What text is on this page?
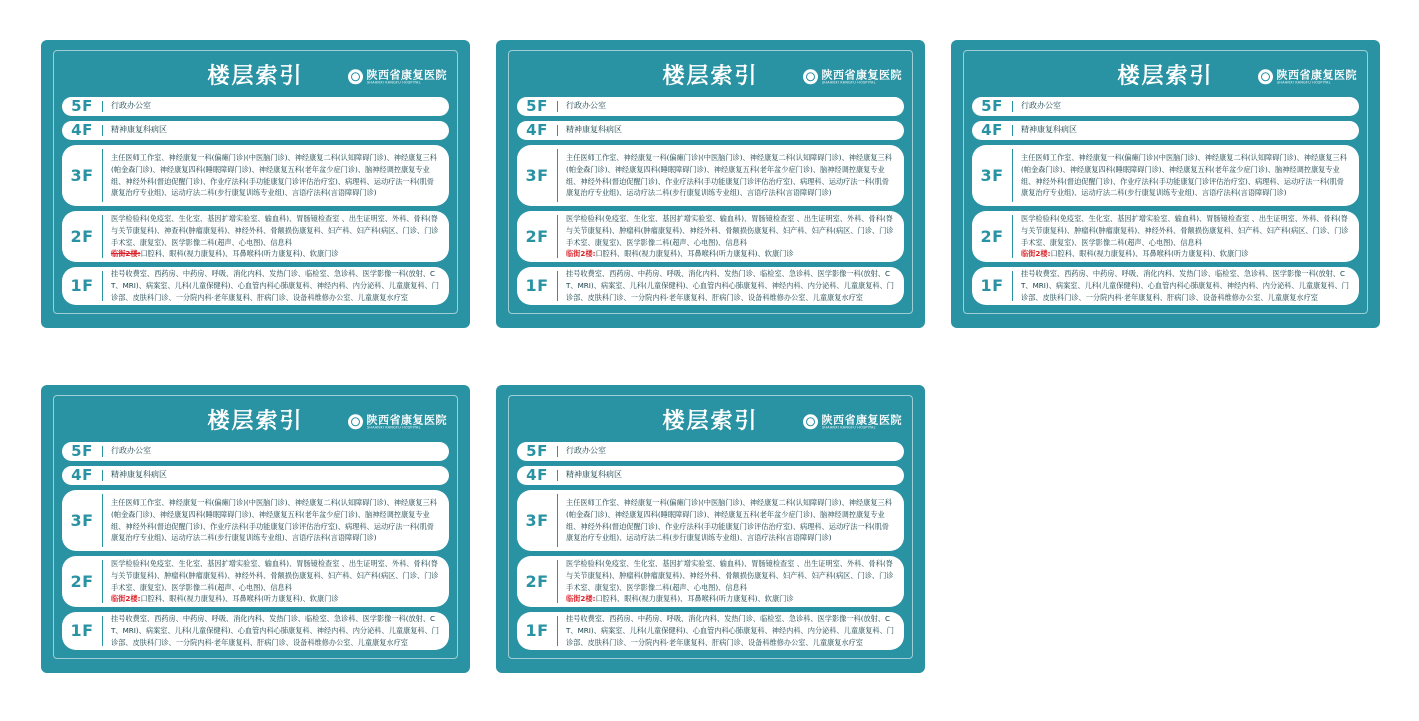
楼层索引	陕西省康复医院
SHAANXI KANGFU HOSPITAL
5F	行政办公室

4F	精神康复科病区

3F

主任医师工作室、神经康复一科(偏瘫门诊)(中医脑门诊)、神经康复二科(认知障碍门诊)、神经康复三科(帕金森门诊)、神经康复四科(睡眠障碍门诊)、神经康复五科(老年盆少症门诊)、脑神经调控康复专业组、神经外科(督迫促醒门诊)、作业疗法科(手功能康复门诊评估治疗室)、病理科、运动疗法一科(肌骨康复治疗专业组)、运动疗法二科(步行康复训练专业组)、言语疗法科(言语障碍门诊)

2F

医学检验科(免疫室、生化室、基因扩增实验室、输血科)、胃肠镜检查室 、出生证明室、外科、骨科(脊与关节康复科)、神查科(肿瘤康复科)、神经外科、骨额损伤康复科、妇产科、妇产科(病区、门诊、门诊手术室、康复室)、医学影像二科(超声、心电图)、信息科

临街2楼:口腔科、眼科(视力康复科)、耳鼻喉科(听力康复科)、软康门诊

1F

挂号收费室、西药房、中药房、呼吸、消化内科、发热门诊、临检室、急诊科、医学影像一科(放射、CT、MRI)、病案室、儿科(儿童保健科)、心血管内科心肺康复科、神经内科、内分泌科、儿童康复科、门诊部、皮肤科门诊、一分院内科·老年康复科、肝病门诊、设备科维修办公室、儿童康复水疗室

楼层索引	陕西省康复医院
SHAANXI KANGFU HOSPITAL
5F	行政办公室

4F	精神康复科病区

3F

主任医师工作室、神经康复一科(偏瘫门诊)(中医脑门诊)、神经康复二科(认知障碍门诊)、神经康复三科(帕金森门诊)、神经康复四科(睡眠障碍门诊)、神经康复五科(老年盆少症门诊)、脑神经调控康复专业组、神经外科(督迫促醒门诊)、作业疗法科(手功能康复门诊评估治疗室)、病理科、运动疗法一科(肌骨康复治疗专业组)、运动疗法二科(步行康复训练专业组)、言语疗法科(言语障碍门诊)

2F

医学检验科(免疫室、生化室、基因扩增实验室、输血科)、胃肠镜检查室 、出生证明室、外科、骨科(脊与关节康复科)、肿瘤科(肿瘤康复科)、神经外科、骨额损伤康复科、妇产科、妇产科(病区、门诊、门诊手术室、康复室)、医学影像二科(超声、心电图)、信息科

临街2楼:口腔科、眼科(视力康复科)、耳鼻喉科(听力康复科)、软康门诊

1F

挂号收费室、西药房、中药房、呼吸、消化内科、发热门诊、临检室、急诊科、医学影像一科(放射、CT、MRI)、病案室、儿科(儿童保健科)、心血管内科心肺康复科、神经内科、内分泌科、儿童康复科、门诊部、皮肤科门诊、一分院内科·老年康复科、肝病门诊、设备科维修办公室、儿童康复水疗室

楼层索引	陕西省康复医院
SHAANXI KANGFU HOSPITAL
5F	行政办公室

4F	精神康复科病区

3F

主任医师工作室、神经康复一科(偏瘫门诊)(中医脑门诊)、神经康复二科(认知障碍门诊)、神经康复三科(帕金森门诊)、神经康复四科(睡眠障碍门诊)、神经康复五科(老年盆少症门诊)、脑神经调控康复专业组、神经外科(督迫促醒门诊)、作业疗法科(手功能康复门诊评估治疗室)、病理科、运动疗法一科(肌骨康复治疗专业组)、运动疗法二科(步行康复训练专业组)、言语疗法科(言语障碍门诊)

2F

医学检验科(免疫室、生化室、基因扩增实验室、输血科)、胃肠镜检查室 、出生证明室、外科、骨科(脊与关节康复科)、肿瘤科(肿瘤康复科)、神经外科、骨额损伤康复科、妇产科、妇产科(病区、门诊、门诊手术室、康复室)、医学影像二科(超声、心电图)、信息科

临街2楼:口腔科、眼科(视力康复科)、耳鼻喉科(听力康复科)、软康门诊

1F

挂号收费室、西药房、中药房、呼吸、消化内科、发热门诊、临检室、急诊科、医学影像一科(放射、CT、MRI)、病案室、儿科(儿童保健科)、心血管内科心肺康复科、神经内科、内分泌科、儿童康复科、门诊部、皮肤科门诊、一分院内科·老年康复科、肝病门诊、设备科维修办公室、儿童康复水疗室

楼层索引	陕西省康复医院
SHAANXI KANGFU HOSPITAL
5F	行政办公室

4F	精神康复科病区

3F

主任医师工作室、神经康复一科(偏瘫门诊)(中医脑门诊)、神经康复二科(认知障碍门诊)、神经康复三科(帕金森门诊)、神经康复四科(睡眠障碍门诊)、神经康复五科(老年盆少症门诊)、脑神经调控康复专业组、神经外科(督迫促醒门诊)、作业疗法科(手功能康复门诊评估治疗室)、病理科、运动疗法一科(肌骨康复治疗专业组)、运动疗法二科(步行康复训练专业组)、言语疗法科(言语障碍门诊)

2F

医学检验科(免疫室、生化室、基因扩增实验室、输血科)、胃肠镜检查室 、出生证明室、外科、骨科(脊与关节康复科)、肿瘤科(肿瘤康复科)、神经外科、骨额损伤康复科、妇产科、妇产科(病区、门诊、门诊手术室、康复室)、医学影像二科(超声、心电图)、信息科

临街2楼:口腔科、眼科(视力康复科)、耳鼻喉科(听力康复科)、软康门诊

1F

挂号收费室、西药房、中药房、呼吸、消化内科、发热门诊、临检室、急诊科、医学影像一科(放射、CT、MRI)、病案室、儿科(儿童保健科)、心血管内科心肺康复科、神经内科、内分泌科、儿童康复科、门诊部、皮肤科门诊、一分院内科·老年康复科、肝病门诊、设备科维修办公室、儿童康复水疗室

楼层索引	陕西省康复医院
SHAANXI KANGFU HOSPITAL
5F	行政办公室

4F	精神康复科病区

3F

主任医师工作室、神经康复一科(偏瘫门诊)(中医脑门诊)、神经康复二科(认知障碍门诊)、神经康复三科(帕金森门诊)、神经康复四科(睡眠障碍门诊)、神经康复五科(老年盆少症门诊)、脑神经调控康复专业组、神经外科(督迫促醒门诊)、作业疗法科(手功能康复门诊评估治疗室)、病理科、运动疗法一科(肌骨康复治疗专业组)、运动疗法二科(步行康复训练专业组)、言语疗法科(言语障碍门诊)

2F

医学检验科(免疫室、生化室、基因扩增实验室、输血科)、胃肠镜检查室 、出生证明室、外科、骨科(脊与关节康复科)、肿瘤科(肿瘤康复科)、神经外科、骨额损伤康复科、妇产科、妇产科(病区、门诊、门诊手术室、康复室)、医学影像二科(超声、心电图)、信息科

临街2楼:口腔科、眼科(视力康复科)、耳鼻喉科(听力康复科)、软康门诊

1F

挂号收费室、西药房、中药房、呼吸、消化内科、发热门诊、临检室、急诊科、医学影像一科(放射、CT、MRI)、病案室、儿科(儿童保健科)、心血管内科心肺康复科、神经内科、内分泌科、儿童康复科、门诊部、皮肤科门诊、一分院内科·老年康复科、肝病门诊、设备科维修办公室、儿童康复水疗室
